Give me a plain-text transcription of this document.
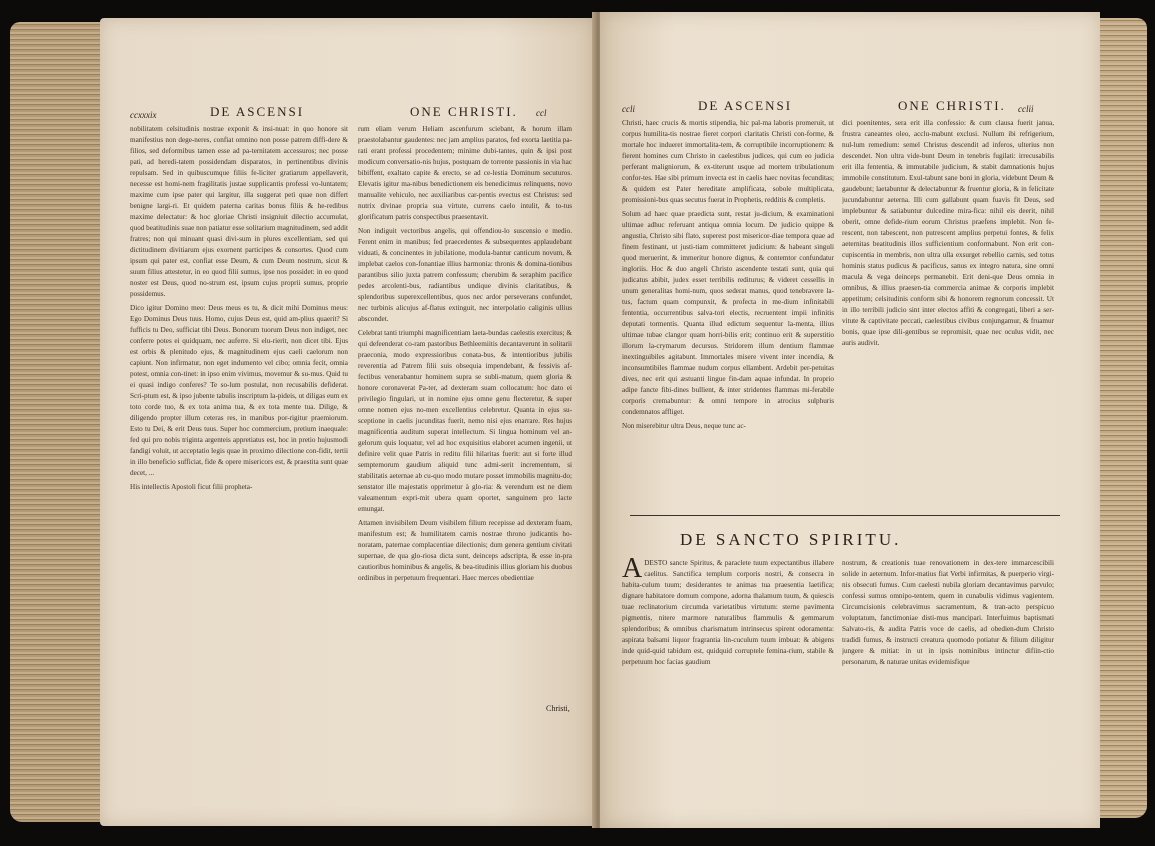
ccxxxix	DE ASCENSI	ONE CHRISTI. ccl

nobilitatem celsitudinis nostrae exponit & insi-nuat: in quo honore sit manifestius non dege-neres, confiat omnino non posse patrem diffi-dere & filios, sed deformibus tamen esse ad pa-ternitatem accessuros; nec posse pati, ad heredi-tatem possidendam disparatos, in pertinentibus divinis repulsam. Sed in quibuscumque filiis fe-liciter gratiarum appellaverit, necesse est homi-nem fragilitatis justae supplicantis professi vo-luntatem; maxime cum ipse pater qui largitur, illa suggerat petì quae non differt benigne largi-ri. Et quidem paterna caritas bonus filiis & he-redibus maxime delectatur: & hoc gloriae Christi insigniuit dilectio accumulat, quod beatitudinis suae non patiatur esse solitarium magnitudinem, sed addit fratres; non qui minuant quasi divi-sum in plures excellentiam, sed qui dictitudinem divitiarum ejus exornent participes & consortes. Quod cum ipsum qui pater est, confiat esse Deum, & cum Deum nostrum, sicut & suum filius attestetur, in eo quod filii sumus, ipse nos possidet: in eo quod noster est Deus, quod no-strum est, ipsum cujus proprii sumus, proprie possidemus.

Dico igitur Domino meo: Deus meus es tu, & dicit mihi Dominus meus: Ego Dominus Deus tuus. Homo, cujus Deus est, quid am-plius quaerit? Si fufficis tu Deo, sufficiat tibi Deus. Bonorum tuorum Deus non indiget, nec conferre potes ei quidquam, nec auferre. Si elu-rierit, non dicet tibi. Ejus est orbis & plenitudo ejus, & magnitudinem ejus caeli caelorum non capiunt. Non infirmatur, non eget indumento vel cibo; omnia fecit, omnia potest, omnia con-tinet: in ipso enim vivimus, movemur & su-mus. Quid tu ei quasi indigo conferes? Te so-lum postulat, non recusabilis defiderat. Scri-ptum est, & ipso jubente tabulis inscriptum la-pideis, ut diligas eum ex toto corde tuo, & ex tota anima tua, & ex tota mente tua. Dilige, & diligendo propter illum ceteras res, in manibus por-rigitur praemiorum. Esto tu Dei, & erit Deus tuus. Super hoc commercium, pretium inaequale: fed qui pro nobis triginta argenteis appretiatus est, hoc in pretio hujusmodi fandigi voluit, ut acceptatio legis quae in proximo dilectione con-fidit, tertii in illo beneficio sufficiat, fide & opere misericors est, & praestita sunt quae decet, ...

His intellectis Apostoli ficut filii propheta-

rum eliam verum Heliam ascenfurum sciebant, & horum illam praestolabantur gaudentes: nec jam amplius paratos, fed exorta laetitia pa-rati erant professi procedentem; minime dubi-tantes, quin & ipsi post modicum conversatio-nis hujus, postquam de torrente passionis in via hac bibiffent, exaltato capite & erecto, se ad ce-lestia Dominum secuturos. Elevatis igitur ma-nibus benedictionem eis benedicimus relinquens, novo manualite vehiculo, nec auxiliaribus car-pentis evectus est Christus: sed nutrix divinae propria sua virtute, currens caelo intulit, & to-tus glorificatum patris conspectibus praesentavit.

Non indiguit vectoribus angelis, qui offendiou-lo suscensio e medio. Ferent enim in manibus; fed praecedentes & subsequentes applaudebant viduati, & concinentes in jubilatione, modula-bantur canticum novum, & implebat caelos con-fonantiae illius harmonia: thronis & domina-tionibus parantibus silio juxta patrem confessum; cherubim & seraphim pacifice pedes arcolenti-bus, radiantibus undique divinis claritatibus, & splendoribus superexcellentibus, quos nec ardor perseverans confundet, nec turbinis alicujus af-flatus extinguit, nec interpolatio caliginis ullius abscondet.

Celebrat tanti triumphi magnificentiam laeta-bundas caelestis exercitus; & qui defeenderat co-ram pastoribus Bethleemiitis decantaverunt in solitarii praeconia, modo expressioribus conata-bus, & intentioribus jubilis reverentia ad Patrem filii suis obsequia impendebant, & fessivis af-fectibus venerabantur hominem supra se subli-matum, quem gloria & honore coronaverat Pa-ter, ad dexteram suam collocatum: hoc dato ei privilegio fingulari, ut in nomine ejus omne genu flecteretur, & super omne nomen ejus no-men excellentius celebretur. Quanta in ejus su-sceptione in caelis jucunditas fuerit, nemo nisi ejus enarrare. Res hujus magnificentia auditum superat intellectum. Si lingua hominum vel an-gelorum quis loquatur, vel ad hoc exquisitius elaboret acumen ingenii, ut definire velit quae Patris in reditu filii hilaritas fuerit: aut si forte illud semptemorum gaudium aliquid tunc admi-serit incrementum, si stabilitatis aeternae ab cu-quo modo mutare posset immobilis magnitu-do; senstator ille majestatis opprimetur à glo-ria: & verendum est ne diem valeamentum expri-mit ubera quam oportet, sanguinem pro lacte emungat.

Attamen invisibilem Deum visibilem filium recepisse ad dexteram fuam, manifestum est; & humilitatem carnis nostrae throno judicantis ho-noratam, paternae complacentiae dilectionis; dum genera gentium civitati supernae, de qua glo-riosa dicta sunt, deinceps adscripta, & esse in-pra cautioribus hominibus & angelis, & bea-titudinis illius gloriam his duobus ordinibus in perpetuum frequentari. Haec merces obedientiae

Christi,
ccli	DE ASCENSI	ONE CHRISTI. cclii

Christi, haec crucis & mortis stipendia, hic pal-ma laboris promeruit, ut corpus humilita-tis nostrae fieret corpori claritatis Christi con-forme, & mortale hoc indueret immortalita-tem, & corruptibile incorruptionem: & fierent homines cum Christo in caelestibus judices, qui cum eo judicia perferant maligniorum, & ex-titerunt usque ad mortem tribulationum confor-tes. Hae sibi primum invecta est in caelis haec novitas fecunditas; & quidem est Pater hereditate amplificata, sobole multiplicata, promissioni-bus quas secutus fuerat in Prophetis, redditis & completis.

Solum ad haec quae praedicta sunt, restat ju-dicium, & examinationi ultimae adhuc referuant antiqua omnia locum. De judicio quippe & angustia, Christo sibi flato, superest post misericor-diae tempora quae ad finem festinant, ut justi-tiam committeret judicium: & habeant singuli quod meruerint, & immeritur honore dignus, & contemtor confundatur ingloriis. Hoc & duo angeli Christo ascendente testati sunt, quia qui judicatus abibit, judex esset terribilis rediturus; & videret cessellis in unum generalitas homi-num, quos sederat manus, quod tenebravere la-tus, factum quam compunxit, & profecta in me-dium infinitabili fententia, occurrentibus salva-tori electis, recruentent impii infinitis deputati tormentis. Quanta illud edictum sequentur la-menta, illius ultimae tubae clangor quam horri-bilis erit; continuo erit & superstitio illorum la-crymarum decursus. Stridorem illum dentium flammae inextinguibiles agitabunt. Immortales misere vivent inter incendia, & inconsumtibiles flammae nudum corpus ellambent. Ardebit per-petuitas dives, nec erit qui æstuanti lingue fin-dam aquae infundat. In proprio adipe fancte fibi-dines bullient, & inter stridentes flammas mi-ferabile corporis cremabuntur: & omni tempore in atrocius sulphuris condemnatos affliget.

Non miserebitur ultra Deus, neque tunc ac-

dici poenitentes, sera erit illa confessio: & cum clausa fuerit janua, frustra caneantes oleo, acclu-mabunt exclusi. Nullum ibi refrigerium, nul-lum remedium: semel Christus descendit ad inferos, ulterius non descendet. Non ultra vide-bunt Deum in tenebris fugilati: irrecusabilis erit illa fententia, & immutabile judicium, & stabit damnationis hujus immobile constitutum. Exul-tabunt sane boni in gloria, videbunt Deum & gaudebunt; laetabuntur & delectabuntur & fruentur gloria, & in felicitate jucundabuntur aeterna. Illi cum gallabunt quam fuavis fit Deus, sed implebuntur & satiabuntur dulcedine mira-fica: nihil eis deerit, nihil oberit, omne defide-rium eorum Christus praefens implebit. Non fe-rescent, non tabescent, non putrescent amplius perpetui fontes, & felix aeternitas beatitudinis illos sufficientium conformabunt. Non erit con-cupiscentia in membris, non ultra ulla exsurget rebellio carnis, sed totus hominis status pudicus & pacificus, sanus ex integro natura, sine omni macula & vega deinceps permanebit. Erit deni-que Deus omnia in omnibus, & illius praesen-tia commercia animae & corporis implebit appetitum; celsitudinis conform sibi & honorem regnorum concessit. Ut in illo terribili judicio sint inter electos affiti & congregati, liberi a ser-vitute & captivitate peccati, caelestibus civibus conjungamur, & fruamur bonis, quae ipse dili-gentibus se repromisit, quae nec oculus vidit, nec auris audivit.

DE SANCTO SPIRITU.
A DESTO sancte Spiritus, & paraclete tuum expectantibus illabere caelitus. Sanctifica templum corporis nostri, & consecra in habita-culum tuum; desiderantes te animas tua praesentia laetifica; dignare habitatore domum compone, adorna thalamum tuum, & quiescis tuae reclinatorium circumda varietatibus virtutum: sterne pavimenta pigmentis, nitere marmore naturalibus flammulis & gemmarum splendoribus; & omnibus charismatum intrinsecus spirent odoramenta: aspirata balsami liquor fragrantia lin-cuculum tuum imbuat: & abigens inde quid-quid tabidum est, quidquid corruptele femina-rium, stabile & perpetuum hoc facias gaudium
nostrum, & creationis tuae renovationem in dex-tere immarcescibili solide in aeternum. Infor-matius fiat Verbi infirmitas, & puerperio virgi-nis obsecuti fumus. Cum caelesti nubila gloriam decantavimus parvulo; confessi sumus omnipo-tentem, quem in cunabulis vidimus vagientem. Circumcisionis celebravimus sacramentum, & tran-acto perspicuo voluptatum, fanctimoniae disti-mus mancipari. Interfuimus baptismati Salvato-ris, & audita Patris voce de caelis, ad obedien-dum Christo tradidi fumus, & instructi creatura quomodo potiatur & filium diligitur jungere & mitiat: in ut in ipsis nominibus intinctur difiin-ctio personarum, & naturae unitas evidemisfique
